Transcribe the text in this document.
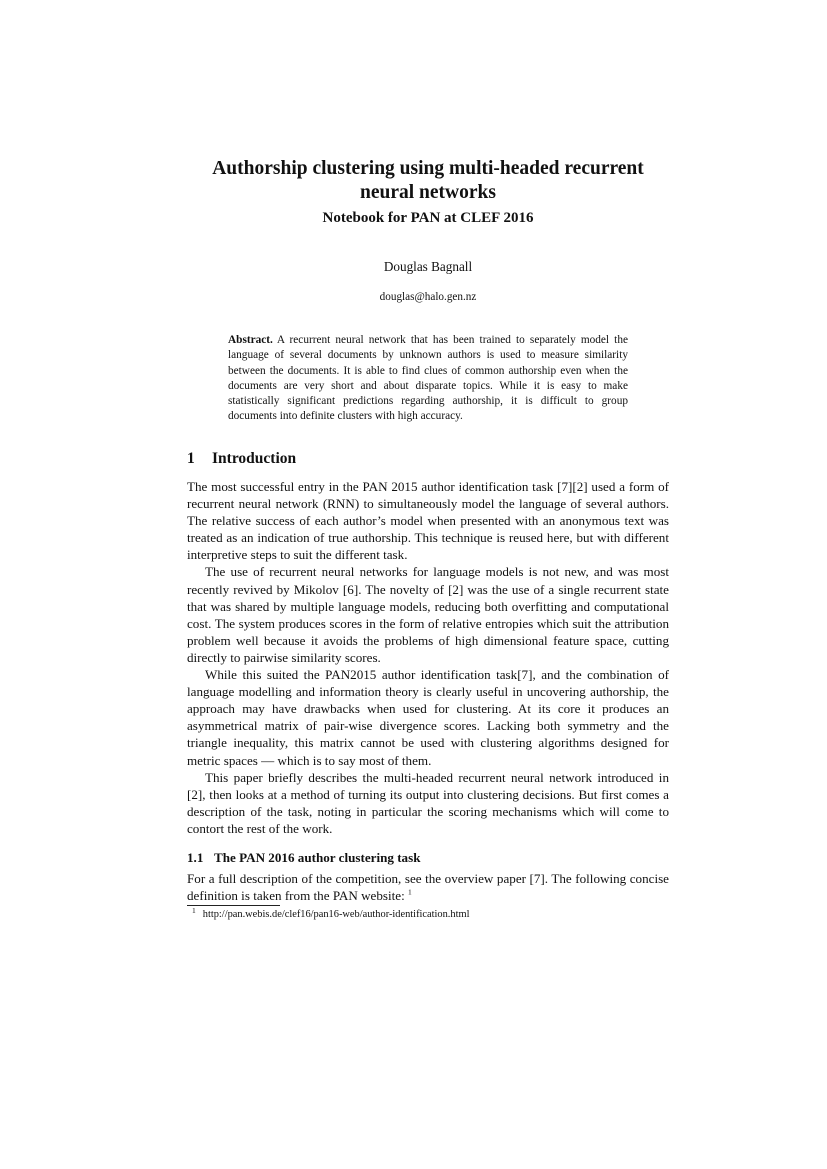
Authorship clustering using multi-headed recurrent neural networks
Notebook for PAN at CLEF 2016
Douglas Bagnall
douglas@halo.gen.nz
Abstract. A recurrent neural network that has been trained to separately model the language of several documents by unknown authors is used to measure similarity between the documents. It is able to find clues of common authorship even when the documents are very short and about disparate topics. While it is easy to make statistically significant predictions regarding authorship, it is difficult to group documents into definite clusters with high accuracy.
1 Introduction

The most successful entry in the PAN 2015 author identification task [7][2] used a form of recurrent neural network (RNN) to simultaneously model the language of several authors. The relative success of each author’s model when presented with an anonymous text was treated as an indication of true authorship. This technique is reused here, but with different interpretive steps to suit the different task.

The use of recurrent neural networks for language models is not new, and was most recently revived by Mikolov [6]. The novelty of [2] was the use of a single recurrent state that was shared by multiple language models, reducing both overfitting and computational cost. The system produces scores in the form of relative entropies which suit the attribution problem well because it avoids the problems of high dimensional feature space, cutting directly to pairwise similarity scores.

While this suited the PAN2015 author identification task[7], and the combination of language modelling and information theory is clearly useful in uncovering authorship, the approach may have drawbacks when used for clustering. At its core it produces an asymmetrical matrix of pair-wise divergence scores. Lacking both symmetry and the triangle inequality, this matrix cannot be used with clustering algorithms designed for metric spaces — which is to say most of them.

This paper briefly describes the multi-headed recurrent neural network introduced in [2], then looks at a method of turning its output into clustering decisions. But first comes a description of the task, noting in particular the scoring mechanisms which will come to contort the rest of the work.

1.1 The PAN 2016 author clustering task

For a full description of the competition, see the overview paper [7]. The following concise definition is taken from the PAN website: $^1$

$^1$ http://pan.webis.de/clef16/pan16-web/author-identification.html
